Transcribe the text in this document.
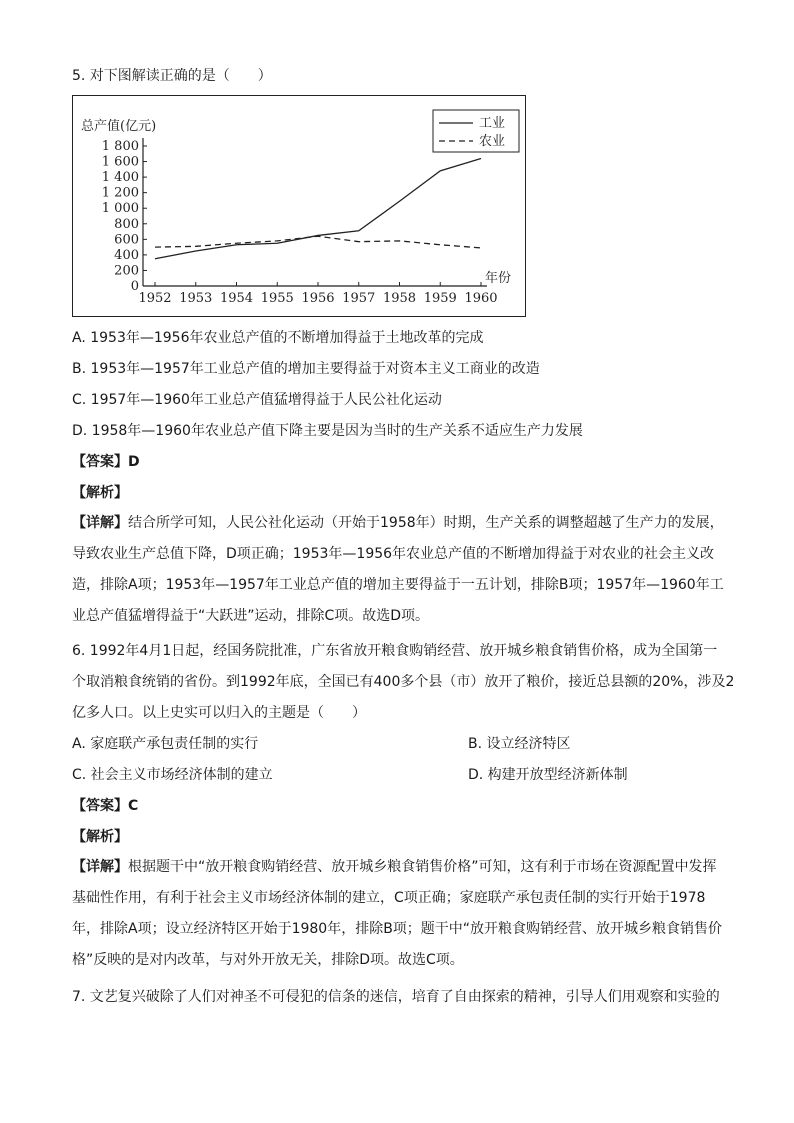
5. 对下图解读正确的是（　　）
0
200
400
600
800
1 000
1 200
1 400
1 600
1 800
1952 1953 1954 1955 1956 1957 1958 1959 1960
总产值(亿元)
年份
工业
农业
A. 1953年—1956年农业总产值的不断增加得益于土地改革的完成
B. 1953年—1957年工业总产值的增加主要得益于对资本主义工商业的改造
C. 1957年—1960年工业总产值猛增得益于人民公社化运动
D. 1958年—1960年农业总产值下降主要是因为当时的生产关系不适应生产力发展
【答案】D
【解析】
【详解】结合所学可知，人民公社化运动（开始于1958年）时期，生产关系的调整超越了生产力的发展，导致农业生产总值下降，D项正确；1953年—1956年农业总产值的不断增加得益于对农业的社会主义改造，排除A项；1953年—1957年工业总产值的增加主要得益于一五计划，排除B项；1957年—1960年工业总产值猛增得益于“大跃进”运动，排除C项。故选D项。
6. 1992年4月1日起，经国务院批准，广东省放开粮食购销经营、放开城乡粮食销售价格，成为全国第一
个取消粮食统销的省份。到1992年底，全国已有400多个县（市）放开了粮价，接近总县额的20%，涉及2
亿多人口。以上史实可以归入的主题是（　　）
A. 家庭联产承包责任制的实行	B. 设立经济特区
C. 社会主义市场经济体制的建立	D. 构建开放型经济新体制
【答案】C
【解析】
【详解】根据题干中“放开粮食购销经营、放开城乡粮食销售价格”可知，这有利于市场在资源配置中发挥基础性作用，有利于社会主义市场经济体制的建立，C项正确；家庭联产承包责任制的实行开始于1978年，排除A项；设立经济特区开始于1980年，排除B项；题干中“放开粮食购销经营、放开城乡粮食销售价格”反映的是对内改革，与对外开放无关，排除D项。故选C项。
7. 文艺复兴破除了人们对神圣不可侵犯的信条的迷信，培育了自由探索的精神，引导人们用观察和实验的
